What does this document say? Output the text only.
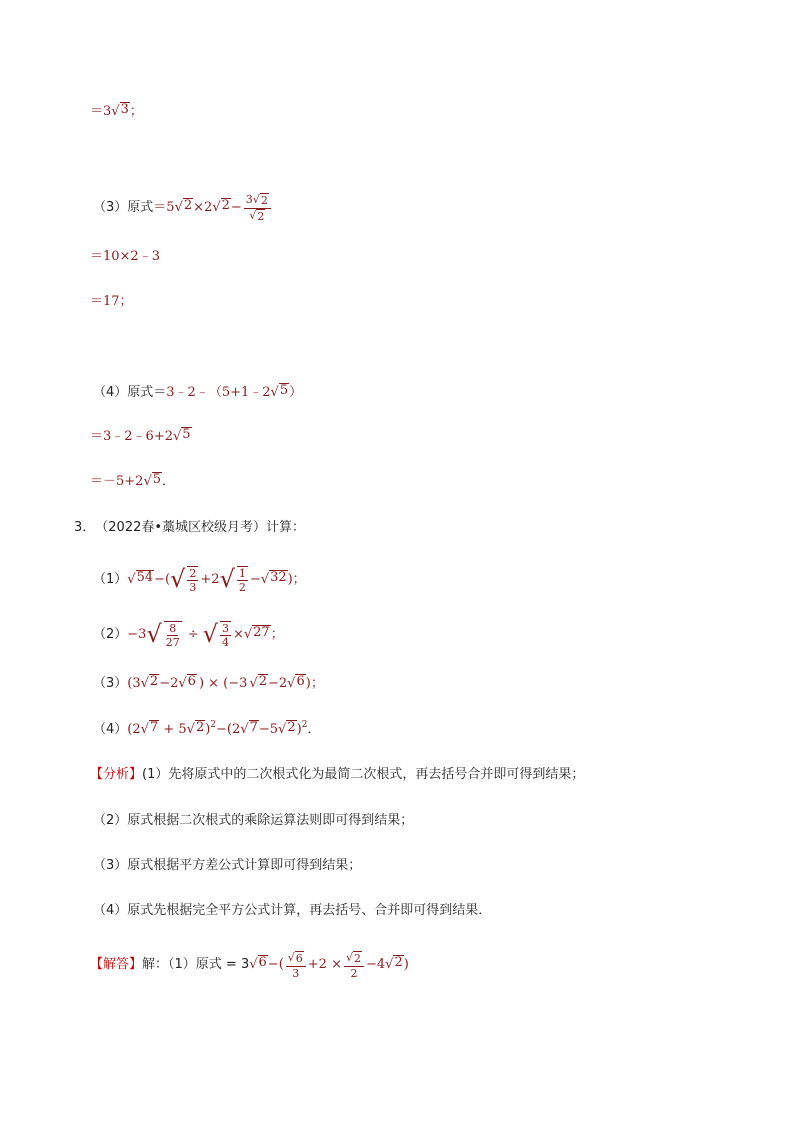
＝3 √ 3 ；
（3）原式 ＝5 √ 2 ×2 √ $2 - \frac{3 √ 2}{√ 2}$
＝10×2﹣3
＝17；
（4）原式＝ 3﹣2﹣（5+1﹣2 √ 5 ）
＝3﹣2﹣6+2 √ 5
＝－5+2 √ 5 ．
3． （2022春•藁城区校级月考）计算：
（1） √ 54 −( √ $\frac{2}{3} +2$ √ $\frac{1}{2}$ − √ 32 )；
（2） −3 √ $\frac{8}{27}$ ÷ √ $\frac{3}{4}$ × √ 27 ；
（3） (3 √ 2 −2 √ 6 ) × (−3 √ 2 −2 √ 6 )；
（4） (2 √ 7 + 5 √ 2 ) 2 −(2 √ 7 −5 √ 2 ) 2 ．
【分析】 (1）先将原式中的二次根式化为最简二次根式，再去括号合并即可得到结果；
（2）原式根据二次根式的乘除运算法则即可得到结果；
（3）原式根据平方差公式计算即可得到结果；
（4）原式先根据完全平方公式计算，再去括号、合并即可得到结果．
【解答】 解：（1）原式 = 3 √ 6 −( $\frac{√ 6}{3} +2 \times \frac{√ 2}{2} -4$ √ 2 )
